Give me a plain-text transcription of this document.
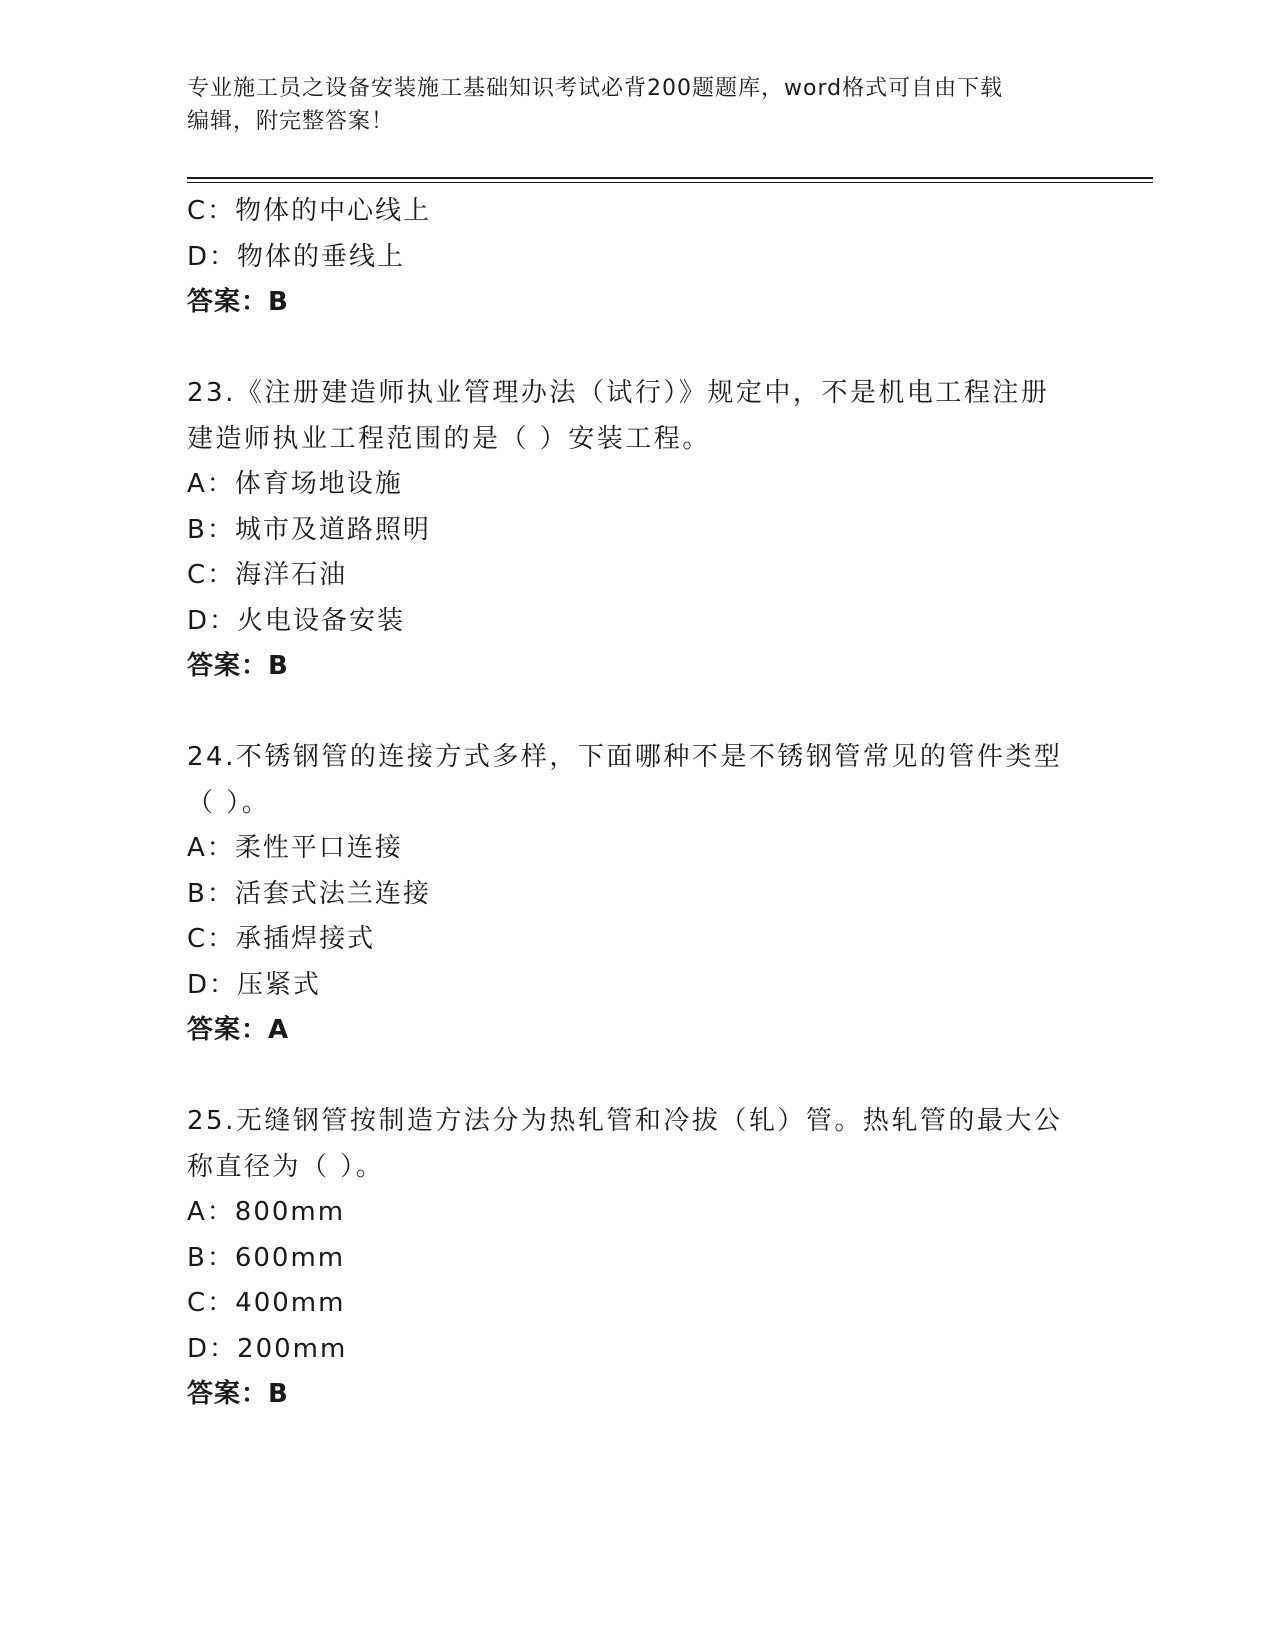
专业施工员之设备安装施工基础知识考试必背200题题库，word格式可自由下载
编辑，附完整答案！
C：物体的中心线上
D：物体的垂线上
答案：B
23.《注册建造师执业管理办法（试行）》规定中，不是机电工程注册
建造师执业工程范围的是（ ）安装工程。
A：体育场地设施
B：城市及道路照明
C：海洋石油
D：火电设备安装
答案：B
24.不锈钢管的连接方式多样，下面哪种不是不锈钢管常见的管件类型
（ ）。
A：柔性平口连接
B：活套式法兰连接
C：承插焊接式
D：压紧式
答案：A
25.无缝钢管按制造方法分为热轧管和冷拔（轧）管。热轧管的最大公
称直径为（ ）。
A：800mm
B：600mm
C：400mm
D：200mm
答案：B
